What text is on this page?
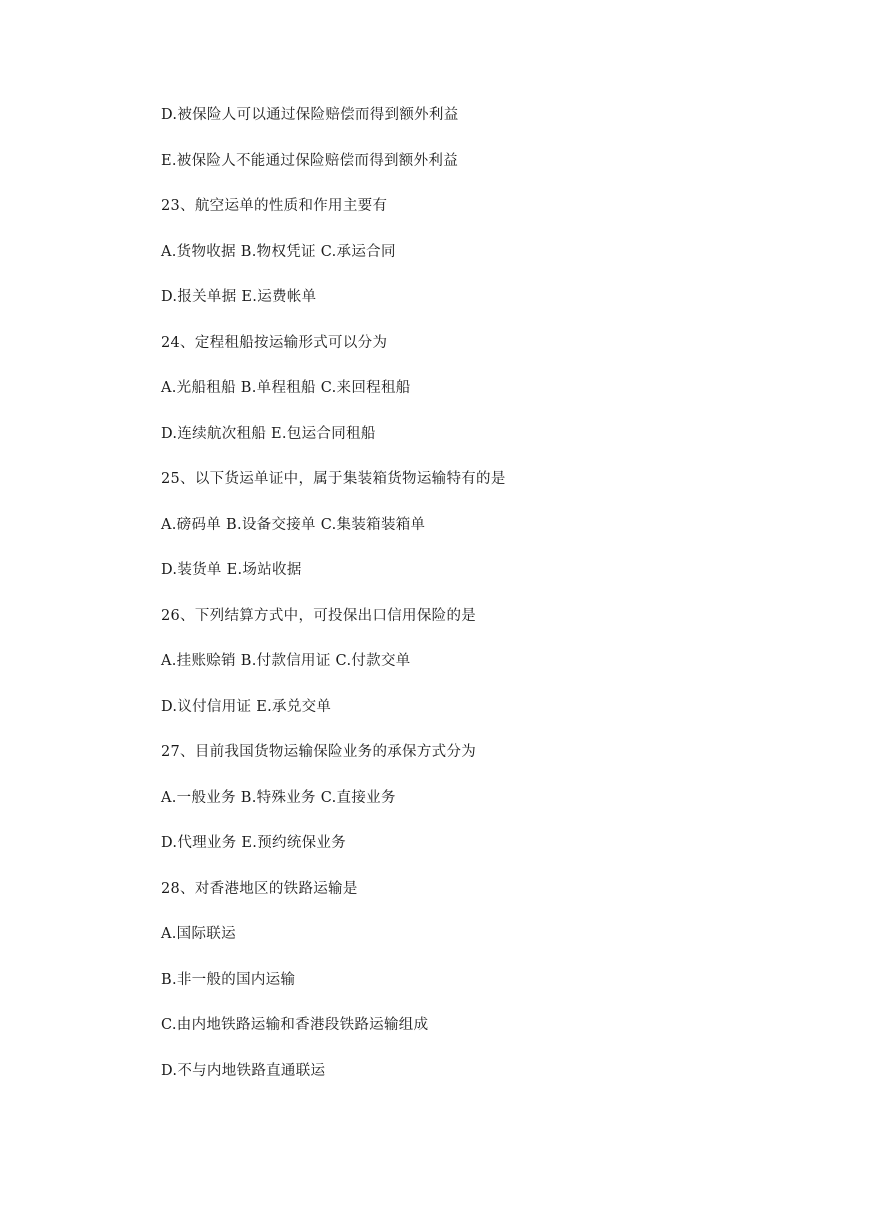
D.被保险人可以通过保险赔偿而得到额外利益
E.被保险人不能通过保险赔偿而得到额外利益
23、航空运单的性质和作用主要有
A.货物收据 B.物权凭证 C.承运合同
D.报关单据 E.运费帐单
24、定程租船按运输形式可以分为
A.光船租船 B.单程租船 C.来回程租船
D.连续航次租船 E.包运合同租船
25、以下货运单证中，属于集装箱货物运输特有的是
A.磅码单 B.设备交接单 C.集装箱装箱单
D.装货单 E.场站收据
26、下列结算方式中，可投保出口信用保险的是
A.挂账赊销 B.付款信用证 C.付款交单
D.议付信用证 E.承兑交单
27、目前我国货物运输保险业务的承保方式分为
A.一般业务 B.特殊业务 C.直接业务
D.代理业务 E.预约统保业务
28、对香港地区的铁路运输是
A.国际联运
B.非一般的国内运输
C.由内地铁路运输和香港段铁路运输组成
D.不与内地铁路直通联运
